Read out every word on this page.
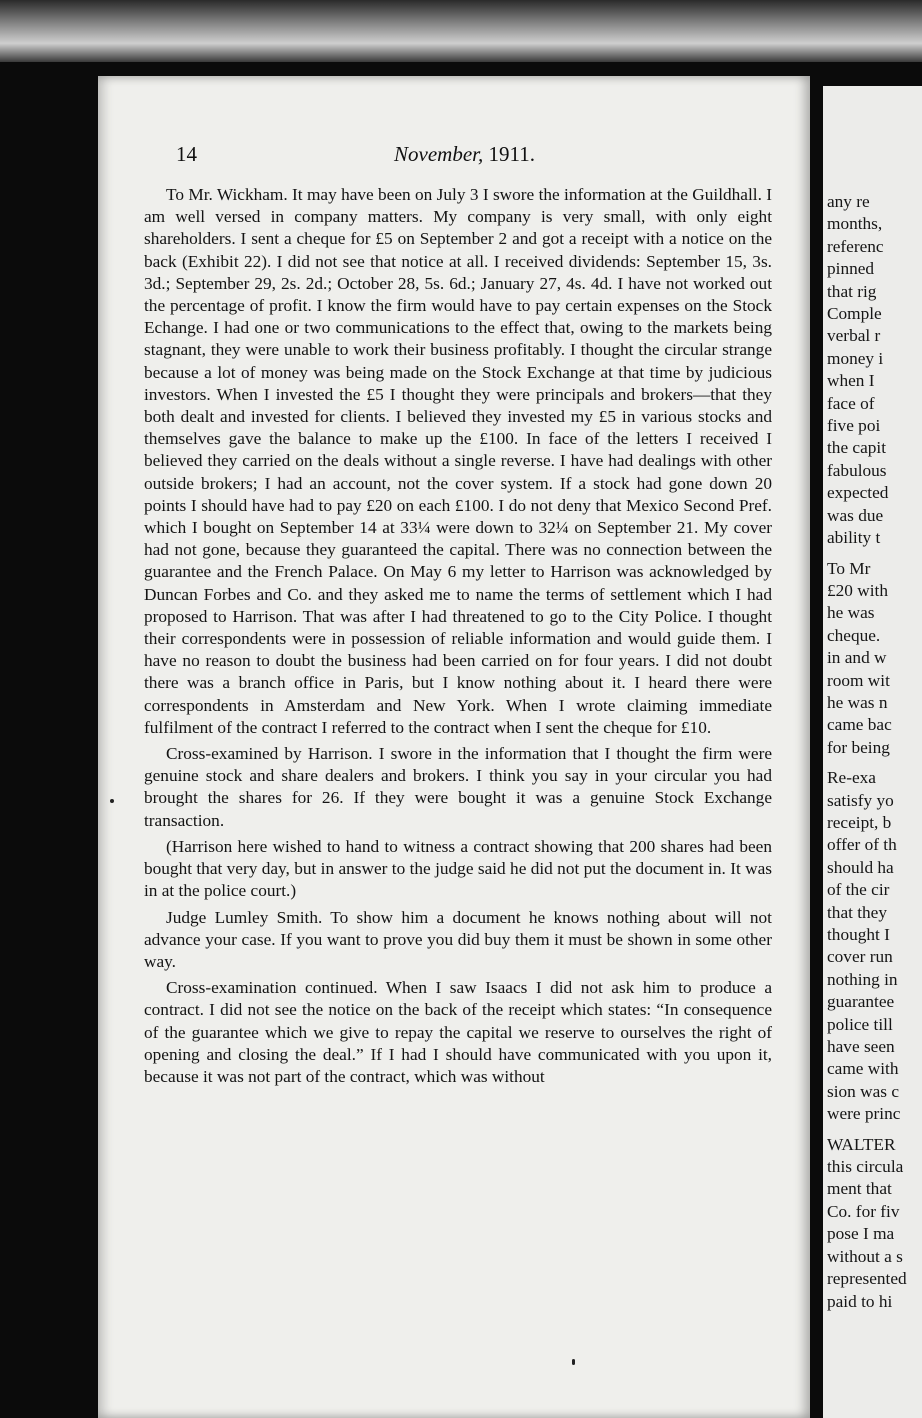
14	November, 1911.

To Mr. Wickham. It may have been on July 3 I swore the information at the Guildhall. I am well versed in company matters. My company is very small, with only eight shareholders. I sent a cheque for £5 on September 2 and got a receipt with a notice on the back (Exhibit 22). I did not see that notice at all. I received dividends: September 15, 3s. 3d.; September 29, 2s. 2d.; October 28, 5s. 6d.; January 27, 4s. 4d. I have not worked out the percentage of profit. I know the firm would have to pay certain expenses on the Stock Echange. I had one or two communications to the effect that, owing to the markets being stagnant, they were unable to work their business profitably. I thought the circular strange because a lot of money was being made on the Stock Exchange at that time by judicious investors. When I invested the £5 I thought they were principals and brokers—that they both dealt and invested for clients. I believed they invested my £5 in various stocks and themselves gave the balance to make up the £100. In face of the letters I received I believed they carried on the deals without a single reverse. I have had dealings with other outside brokers; I had an account, not the cover system. If a stock had gone down 20 points I should have had to pay £20 on each £100. I do not deny that Mexico Second Pref. which I bought on September 14 at 33¼ were down to 32¼ on September 21. My cover had not gone, because they guaranteed the capital. There was no connection between the guarantee and the French Palace. On May 6 my letter to Harrison was acknowledged by Duncan Forbes and Co. and they asked me to name the terms of settlement which I had proposed to Harrison. That was after I had threatened to go to the City Police. I thought their correspondents were in possession of reliable information and would guide them. I have no reason to doubt the business had been carried on for four years. I did not doubt there was a branch office in Paris, but I know nothing about it. I heard there were correspondents in Amsterdam and New York. When I wrote claiming immediate fulfilment of the contract I referred to the contract when I sent the cheque for £10.

Cross-examined by Harrison. I swore in the information that I thought the firm were genuine stock and share dealers and brokers. I think you say in your circular you had brought the shares for 26. If they were bought it was a genuine Stock Exchange transaction.

(Harrison here wished to hand to witness a contract showing that 200 shares had been bought that very day, but in answer to the judge said he did not put the document in. It was in at the police court.)

Judge Lumley Smith. To show him a document he knows nothing about will not advance your case. If you want to prove you did buy them it must be shown in some other way.

Cross-examination continued. When I saw Isaacs I did not ask him to produce a contract. I did not see the notice on the back of the receipt which states: “In consequence of the guarantee which we give to repay the capital we reserve to ourselves the right of opening and closing the deal.” If I had I should have communicated with you upon it, because it was not part of the contract, which was without

any re
months,
referenc
pinned
that rig
Comple
verbal r
money i
when I
face of
five poi
the capit
fabulous
expected
was due
ability t
To Mr
£20 with
he was
cheque.
in and w
room wit
he was n
came bac
for being
Re-exa
satisfy yo
receipt, b
offer of th
should ha
of the cir
that they
thought I
cover run
nothing in
guarantee
police till
have seen
came with
sion was c
were princ
WALTER
this circula
ment that
Co. for fiv
pose I ma
without a s
represented
paid to hi
